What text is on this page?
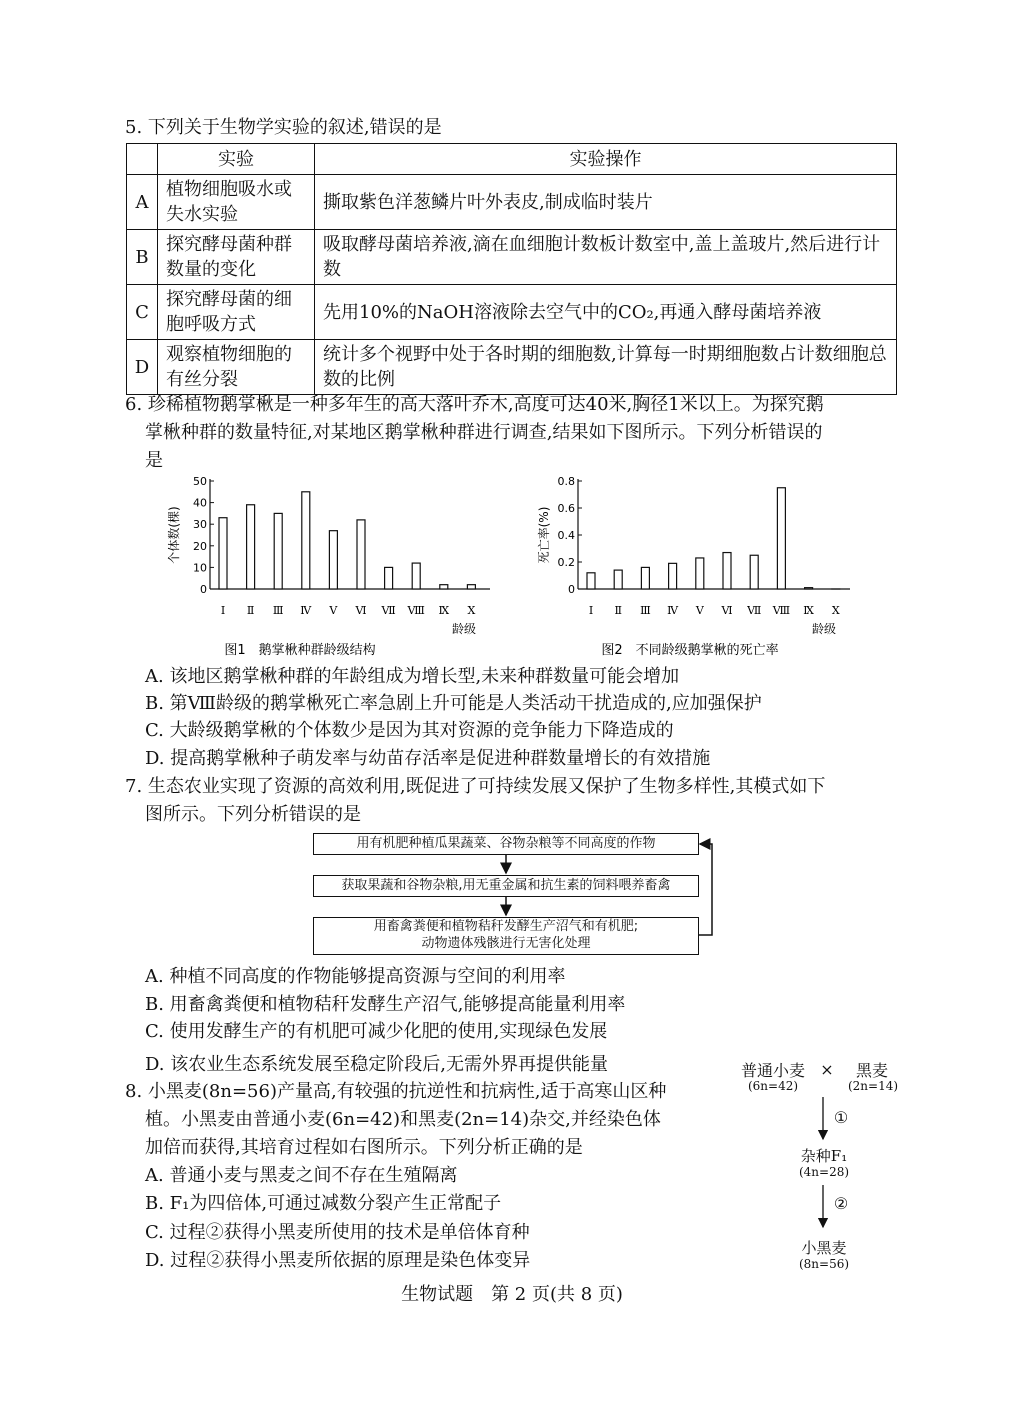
5. 下列关于生物学实验的叙述,错误的是
	实验	实验操作
A	植物细胞吸水或失水实验	撕取紫色洋葱鳞片叶外表皮,制成临时装片
B	探究酵母菌种群数量的变化	吸取酵母菌培养液,滴在血细胞计数板计数室中,盖上盖玻片,然后进行计数
C	探究酵母菌的细胞呼吸方式	先用10%的NaOH溶液除去空气中的CO₂,再通入酵母菌培养液
D	观察植物细胞的有丝分裂	统计多个视野中处于各时期的细胞数,计算每一时期细胞数占计数细胞总数的比例
6. 珍稀植物鹅掌楸是一种多年生的高大落叶乔木,高度可达40米,胸径1米以上。为探究鹅
掌楸种群的数量特征,对某地区鹅掌楸种群进行调查,结果如下图所示。下列分析错误的
是
0
10
20
30
40
50
Ⅰ Ⅱ Ⅲ Ⅳ Ⅴ Ⅵ Ⅶ Ⅷ Ⅸ Ⅹ
个体数(棵)
龄级
图1　鹅掌楸种群龄级结构
0
0.2
0.4
0.6
0.8
Ⅰ Ⅱ Ⅲ Ⅳ Ⅴ Ⅵ Ⅶ Ⅷ Ⅸ Ⅹ
死亡率(%)
龄级
图2　不同龄级鹅掌楸的死亡率
A. 该地区鹅掌楸种群的年龄组成为增长型,未来种群数量可能会增加
B. 第Ⅷ龄级的鹅掌楸死亡率急剧上升可能是人类活动干扰造成的,应加强保护
C. 大龄级鹅掌楸的个体数少是因为其对资源的竞争能力下降造成的
D. 提高鹅掌楸种子萌发率与幼苗存活率是促进种群数量增长的有效措施
7. 生态农业实现了资源的高效利用,既促进了可持续发展又保护了生物多样性,其模式如下
图所示。下列分析错误的是
用有机肥种植瓜果蔬菜、谷物杂粮等不同高度的作物
获取果蔬和谷物杂粮,用无重金属和抗生素的饲料喂养畜禽
用畜禽粪便和植物秸秆发酵生产沼气和有机肥;
动物遗体残骸进行无害化处理
A. 种植不同高度的作物能够提高资源与空间的利用率
B. 用畜禽粪便和植物秸秆发酵生产沼气,能够提高能量利用率
C. 使用发酵生产的有机肥可减少化肥的使用,实现绿色发展
D. 该农业生态系统发展至稳定阶段后,无需外界再提供能量
8. 小黑麦(8n=56)产量高,有较强的抗逆性和抗病性,适于高寒山区种
植。小黑麦由普通小麦(6n=42)和黑麦(2n=14)杂交,并经染色体
加倍而获得,其培育过程如右图所示。下列分析正确的是
A. 普通小麦与黑麦之间不存在生殖隔离
B. F₁为四倍体,可通过减数分裂产生正常配子
C. 过程②获得小黑麦所使用的技术是单倍体育种
D. 过程②获得小黑麦所依据的原理是染色体变异
普通小麦
(6n=42)
×	黑麦
(2n=14)
①
杂种F₁
(4n=28)
②
小黑麦
(8n=56)
生物试题　第 2 页(共 8 页)
